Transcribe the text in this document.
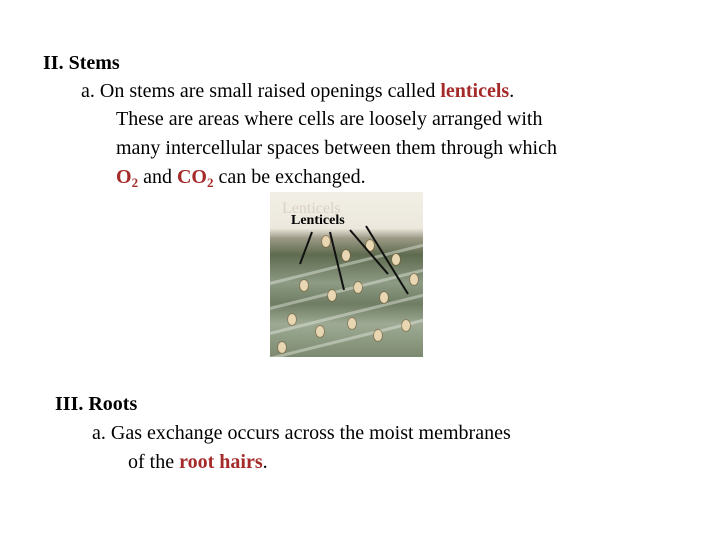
II. Stems
a. On stems are small raised openings called lenticels.
These are areas where cells are loosely arranged with
many intercellular spaces between them through which
$O_2$ and $CO_2$ can be exchanged.
Lenticels
Lenticels
III. Roots
a. Gas exchange occurs across the moist membranes
of the root hairs.
